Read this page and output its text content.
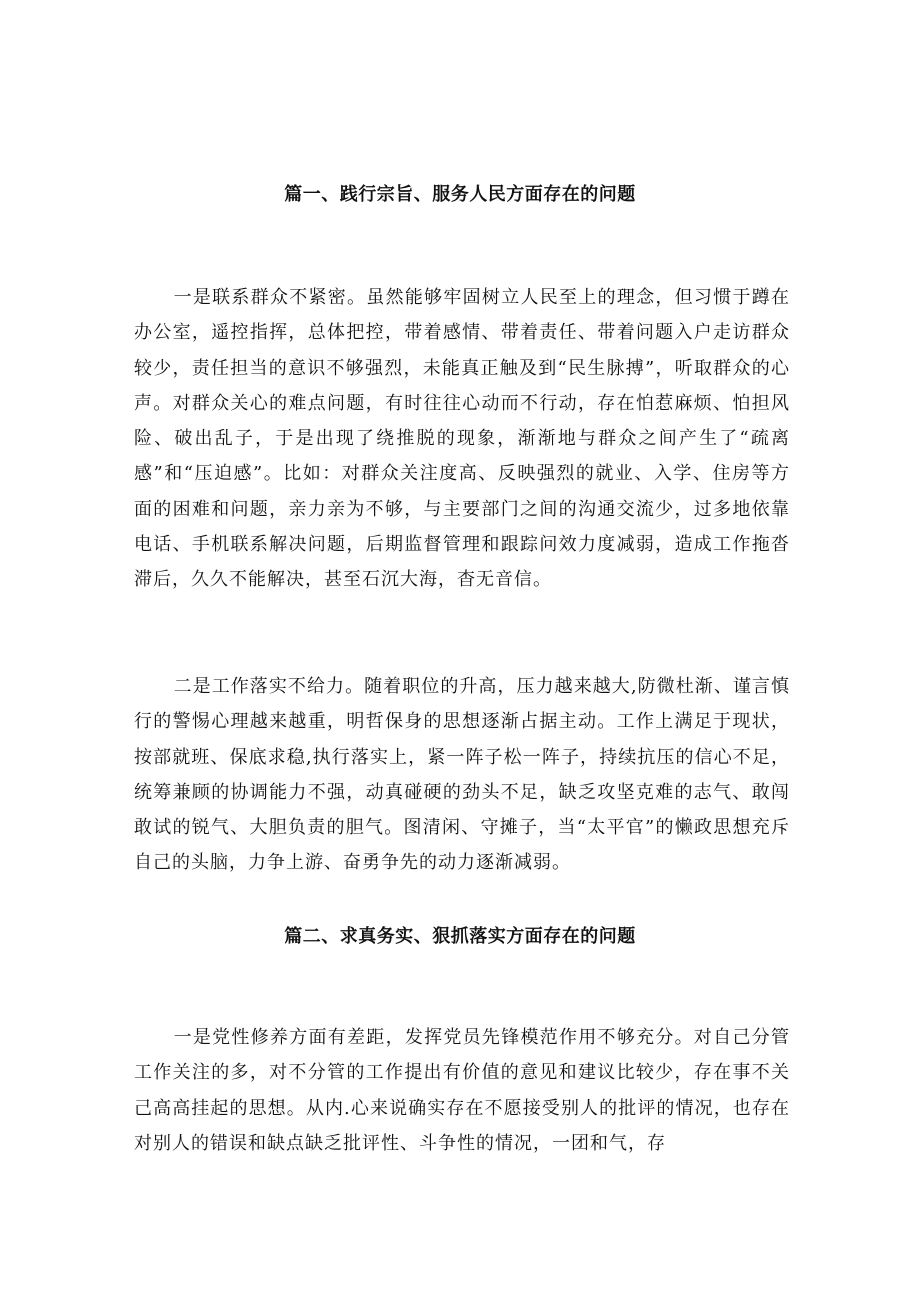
篇一、践行宗旨、服务人民方面存在的问题

一是联系群众不紧密。虽然能够牢固树立人民至上的理念，但习惯于蹲在办公室，遥控指挥，总体把控，带着感情、带着责任、带着问题入户走访群众较少，责任担当的意识不够强烈，未能真正触及到“民生脉搏”，听取群众的心声。对群众关心的难点问题，有时往往心动而不行动，存在怕惹麻烦、怕担风险、破出乱子，于是出现了绕推脱的现象，渐渐地与群众之间产生了“疏离感”和“压迫感”。比如：对群众关注度高、反映强烈的就业、入学、住房等方面的困难和问题，亲力亲为不够，与主要部门之间的沟通交流少，过多地依靠电话、手机联系解决问题，后期监督管理和跟踪问效力度减弱，造成工作拖沓滞后，久久不能解决，甚至石沉大海，杳无音信。

二是工作落实不给力。随着职位的升高，压力越来越大,防微杜渐、谨言慎行的警惕心理越来越重，明哲保身的思想逐渐占据主动。工作上满足于现状，按部就班、保底求稳,执行落实上，紧一阵子松一阵子，持续抗压的信心不足，统筹兼顾的协调能力不强，动真碰硬的劲头不足，缺乏攻坚克难的志气、敢闯敢试的锐气、大胆负责的胆气。图清闲、守摊子，当“太平官”的懒政思想充斥自己的头脑，力争上游、奋勇争先的动力逐渐减弱。

篇二、求真务实、狠抓落实方面存在的问题

一是党性修养方面有差距，发挥党员先锋模范作用不够充分。对自己分管工作关注的多，对不分管的工作提出有价值的意见和建议比较少，存在事不关己高高挂起的思想。从内.心来说确实存在不愿接受别人的批评的情况，也存在对别人的错误和缺点缺乏批评性、斗争性的情况，一团和气，存
